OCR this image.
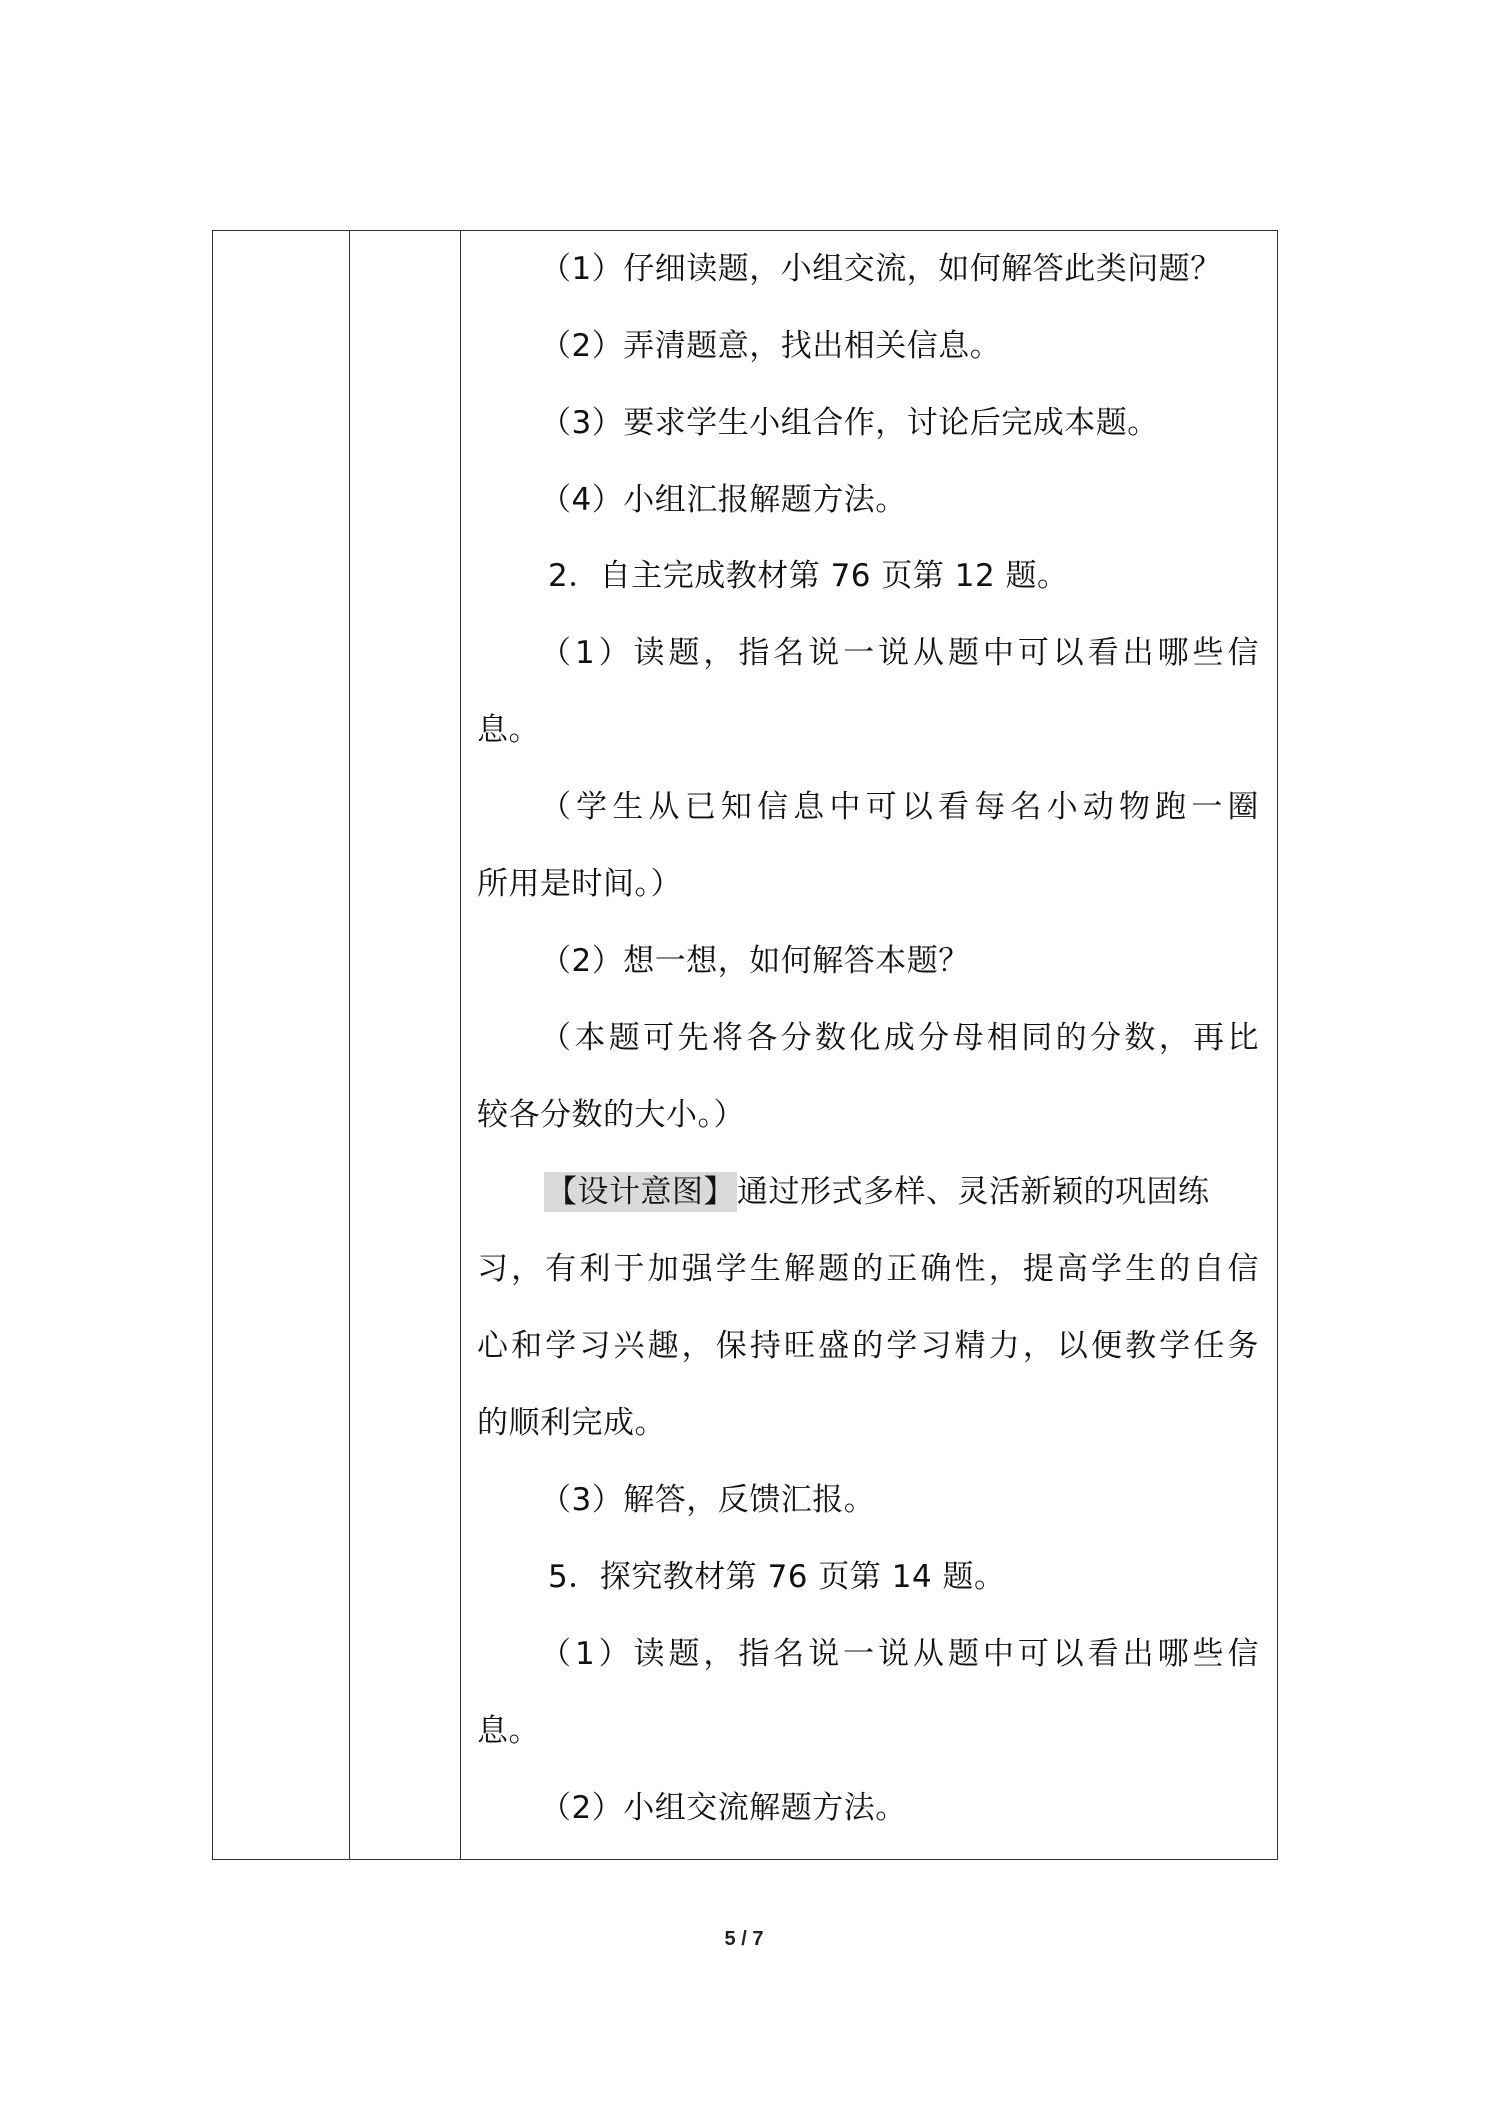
（1）仔细读题，小组交流，如何解答此类问题？
（2）弄清题意，找出相关信息。
（3）要求学生小组合作，讨论后完成本题。
（4）小组汇报解题方法。
2．自主完成教材第 76 页第 12 题。
（1）读题，指名说一说从题中可以看出哪些信
息。
（学生从已知信息中可以看每名小动物跑一圈
所用是时间。）
（2）想一想，如何解答本题？
（本题可先将各分数化成分母相同的分数，再比
较各分数的大小。）
【设计意图】通过形式多样、灵活新颖的巩固练
习，有利于加强学生解题的正确性，提高学生的自信
心和学习兴趣，保持旺盛的学习精力，以便教学任务
的顺利完成。
（3）解答，反馈汇报。
5．探究教材第 76 页第 14 题。
（1）读题，指名说一说从题中可以看出哪些信
息。
（2）小组交流解题方法。
5 / 7
